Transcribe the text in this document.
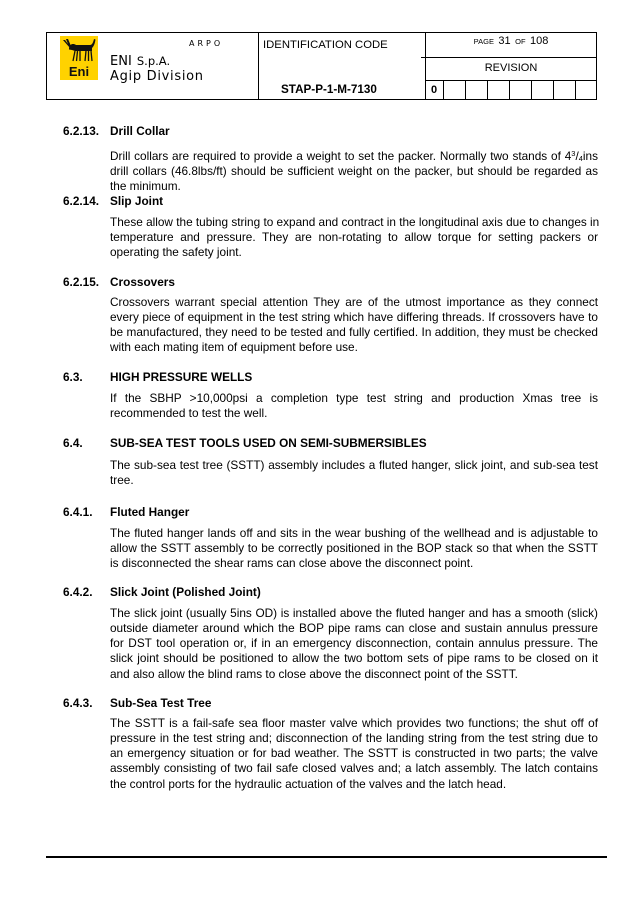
Eni
ARPO
ENI S.p.A.
Agip Division
IDENTIFICATION CODE
STAP-P-1-M-7130
PAGE 31 OF 108
REVISION
0
6.2.13. Drill Collar
Drill collars are required to provide a weight to set the packer. Normally two stands of $4^3/4ins$
drill collars (46.8lbs/ft) should be sufficient weight on the packer, but should be regarded as
the minimum.
6.2.14. Slip Joint
These allow the tubing string to expand and contract in the longitudinal axis due to changes in
temperature and pressure. They are non-rotating to allow torque for setting packers or
operating the safety joint.
6.2.15. Crossovers
Crossovers warrant special attention They are of the utmost importance as they connect
every piece of equipment in the test string which have differing threads. If crossovers have to
be manufactured, they need to be tested and fully certified. In addition, they must be checked
with each mating item of equipment before use.
6.3. HIGH PRESSURE WELLS
If the SBHP >10,000psi a completion type test string and production Xmas tree is
recommended to test the well.
6.4. SUB-SEA TEST TOOLS USED ON SEMI-SUBMERSIBLES
The sub-sea test tree (SSTT) assembly includes a fluted hanger, slick joint, and sub-sea test
tree.
6.4.1. Fluted Hanger
The fluted hanger lands off and sits in the wear bushing of the wellhead and is adjustable to
allow the SSTT assembly to be correctly positioned in the BOP stack so that when the SSTT
is disconnected the shear rams can close above the disconnect point.
6.4.2. Slick Joint (Polished Joint)
The slick joint (usually 5ins OD) is installed above the fluted hanger and has a smooth (slick)
outside diameter around which the BOP pipe rams can close and sustain annulus pressure
for DST tool operation or, if in an emergency disconnection, contain annulus pressure. The
slick joint should be positioned to allow the two bottom sets of pipe rams to be closed on it
and also allow the blind rams to close above the disconnect point of the SSTT.
6.4.3. Sub-Sea Test Tree
The SSTT is a fail-safe sea floor master valve which provides two functions; the shut off of
pressure in the test string and; disconnection of the landing string from the test string due to
an emergency situation or for bad weather. The SSTT is constructed in two parts; the valve
assembly consisting of two fail safe closed valves and; a latch assembly. The latch contains
the control ports for the hydraulic actuation of the valves and the latch head.
